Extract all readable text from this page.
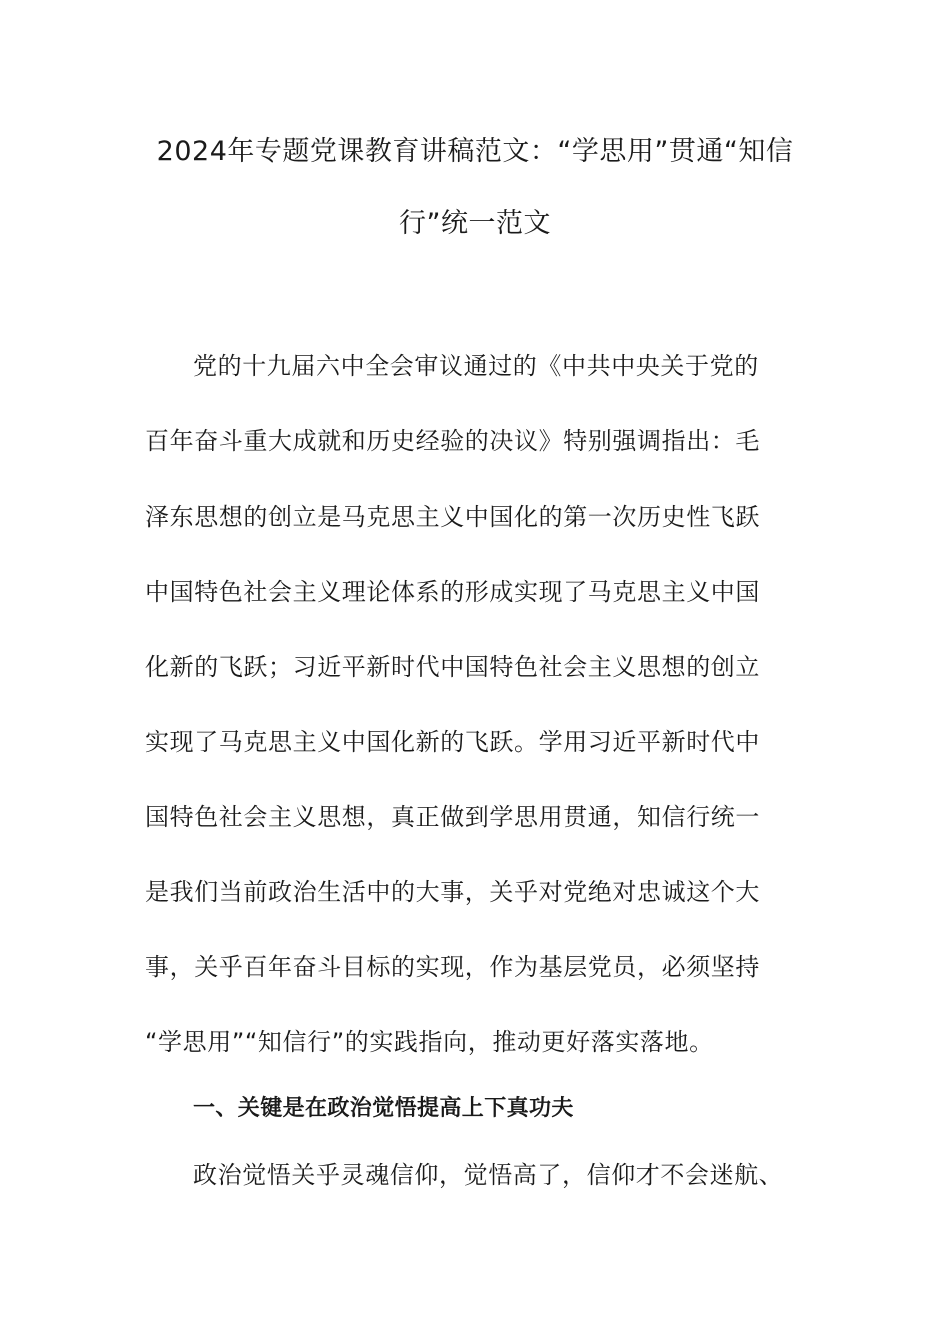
2024年专题党课教育讲稿范文：“学思用”贯通“知信
行”统一范文
党的十九届六中全会审议通过的《中共中央关于党的
百年奋斗重大成就和历史经验的决议》特别强调指出：毛
泽东思想的创立是马克思主义中国化的第一次历史性飞跃
中国特色社会主义理论体系的形成实现了马克思主义中国
化新的飞跃；习近平新时代中国特色社会主义思想的创立
实现了马克思主义中国化新的飞跃。学用习近平新时代中
国特色社会主义思想，真正做到学思用贯通，知信行统一
是我们当前政治生活中的大事，关乎对党绝对忠诚这个大
事，关乎百年奋斗目标的实现，作为基层党员，必须坚持
“学思用”“知信行”的实践指向，推动更好落实落地。
一、关键是在政治觉悟提高上下真功夫
政治觉悟关乎灵魂信仰，觉悟高了，信仰才不会迷航、
